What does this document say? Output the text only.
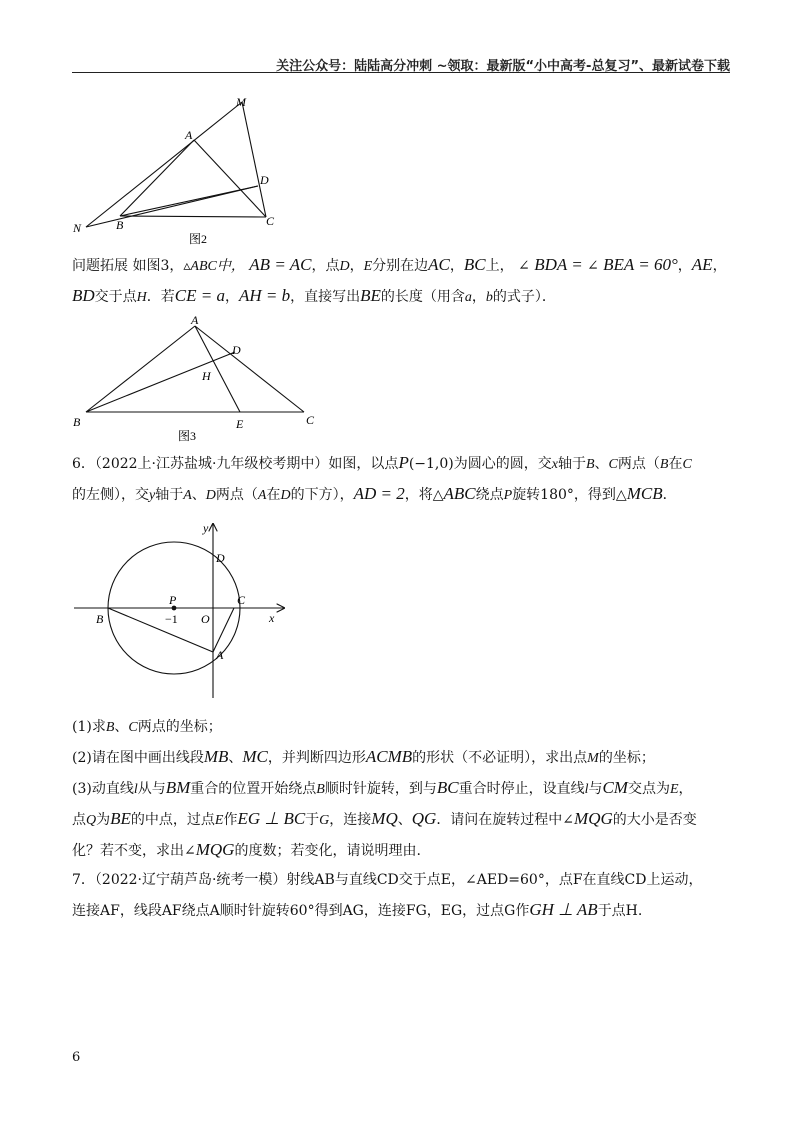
关注公众号：陆陆高分冲刺 ~领取：最新版“小中高考-总复习”、最新试卷下载
M
A
D
N	B	C
图2
问题拓展 如图3，▵ABC中， AB = AC，点D，E分别在边AC，BC上， ∠ BDA = ∠ BEA = 60°，AE，
BD交于点H．若CE = a，AH = b，直接写出BE的长度（用含a，b的式子）．
A
D
H
B	E	C
图3
6．（2022上·江苏盐城·九年级校考期中）如图，以点P(−1,0)为圆心的圆，交x轴于B、C两点（B在C
的左侧），交y轴于A、D两点（A在D的下方），AD = 2，将△ABC绕点P旋转180°，得到△MCB．
y
D
P	C
x
B	−1 O
A
(1)求B、C两点的坐标；
(2)请在图中画出线段MB、MC，并判断四边形ACMB的形状（不必证明），求出点M的坐标；
(3)动直线l从与BM重合的位置开始绕点B顺时针旋转，到与BC重合时停止，设直线l与CM交点为E，
点Q为BE的中点，过点E作EG ⊥ BC于G，连接MQ、QG．请问在旋转过程中∠MQG的大小是否变
化？若不变，求出∠MQG的度数；若变化，请说明理由.
7．（2022·辽宁葫芦岛·统考一模）射线AB与直线CD交于点E，∠AED=60°，点F在直线CD上运动，
连接AF，线段AF绕点A顺时针旋转60°得到AG，连接FG，EG，过点G作GH ⊥ AB于点H.
6
